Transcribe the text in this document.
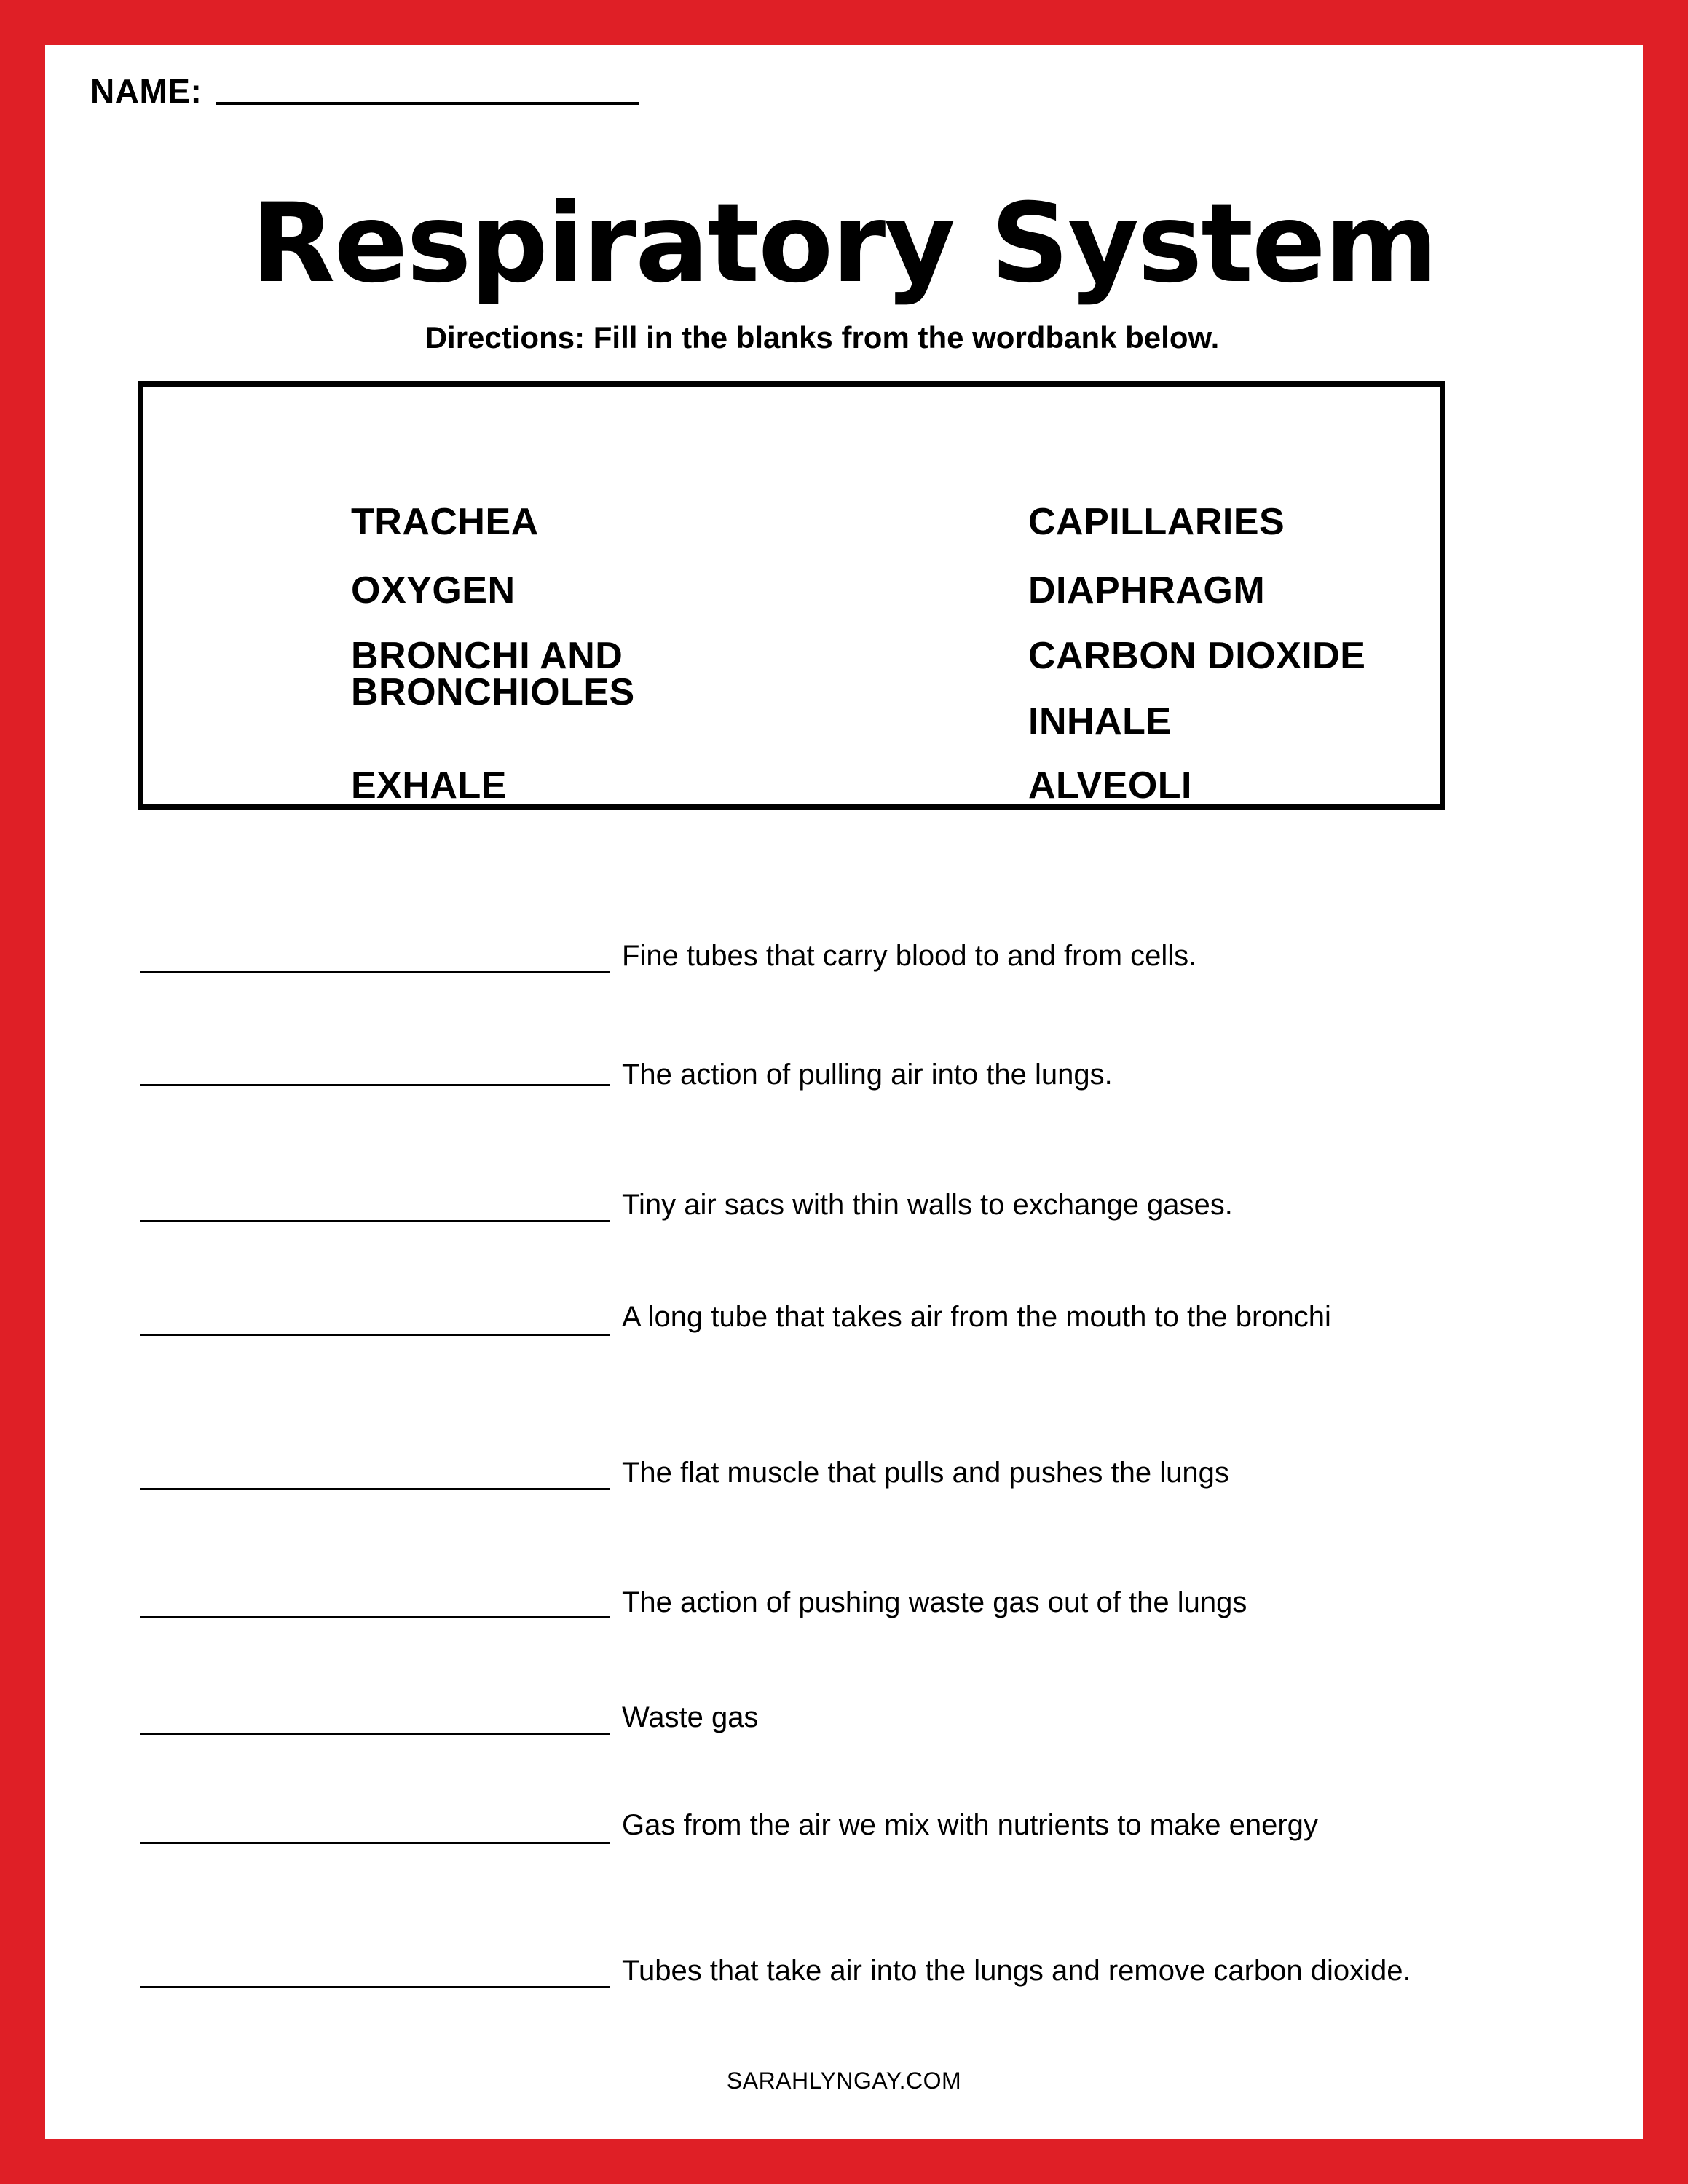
NAME:
Respiratory System
Directions: Fill in the blanks from the wordbank below.
TRACHEA
OXYGEN
BRONCHI AND
BRONCHIOLES
EXHALE
CAPILLARIES
DIAPHRAGM
CARBON DIOXIDE
INHALE
ALVEOLI
Fine tubes that carry blood to and from cells.
The action of pulling air into the lungs.
Tiny air sacs with thin walls to exchange gases.
A long tube that takes air from the mouth to the bronchi
The flat muscle that pulls and pushes the lungs
The action of pushing waste gas out of the lungs
Waste gas
Gas from the air we mix with nutrients to make energy
Tubes that take air into the lungs and remove carbon dioxide.
SARAHLYNGAY.COM
